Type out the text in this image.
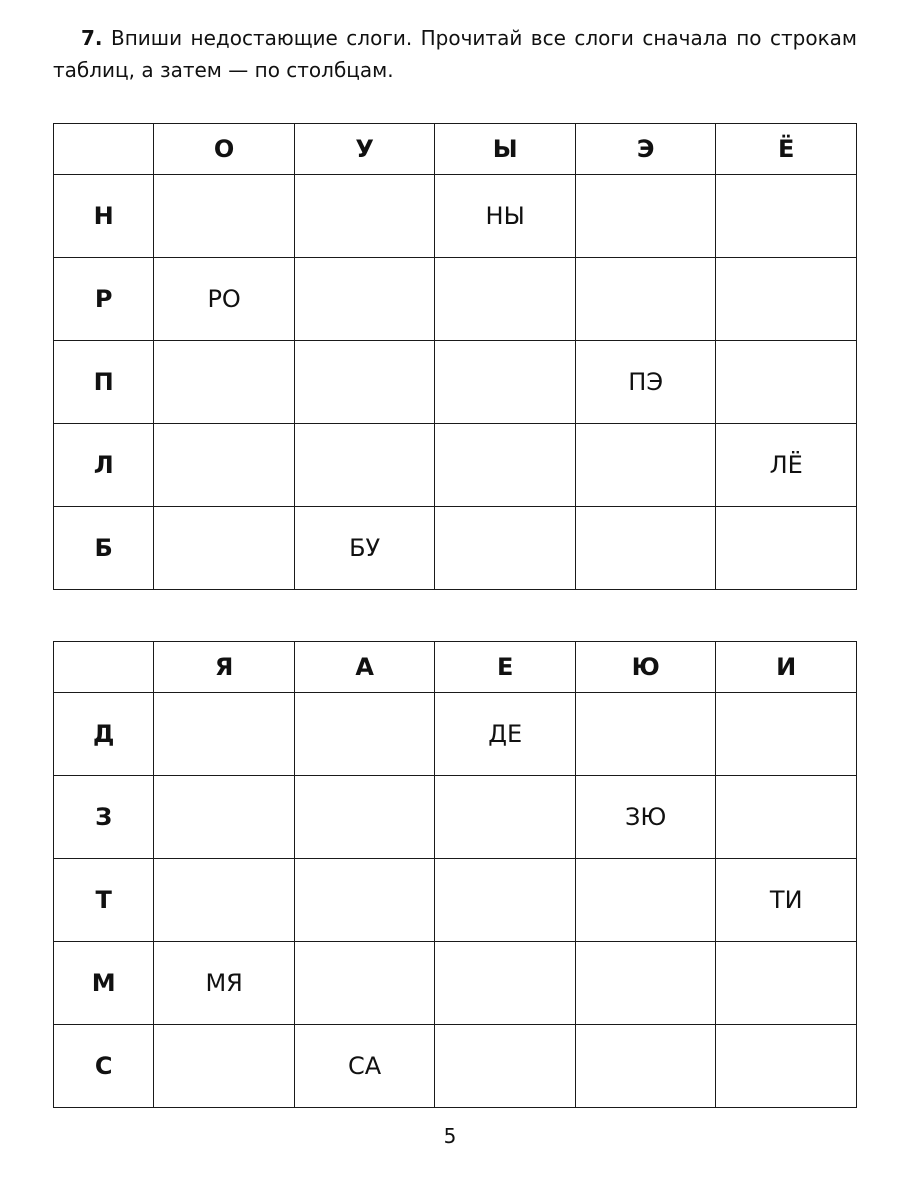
7. Впиши недостающие слоги. Прочитай все слоги сначала по строкам таблиц, а затем — по столбцам.
	О	У	Ы	Э	Ё
Н			НЫ		
Р	РО				
П				ПЭ	
Л					ЛЁ
Б		БУ			
	Я	А	Е	Ю	И
Д			ДЕ		
З				ЗЮ	
Т					ТИ
М	МЯ				
С		СА			
5
